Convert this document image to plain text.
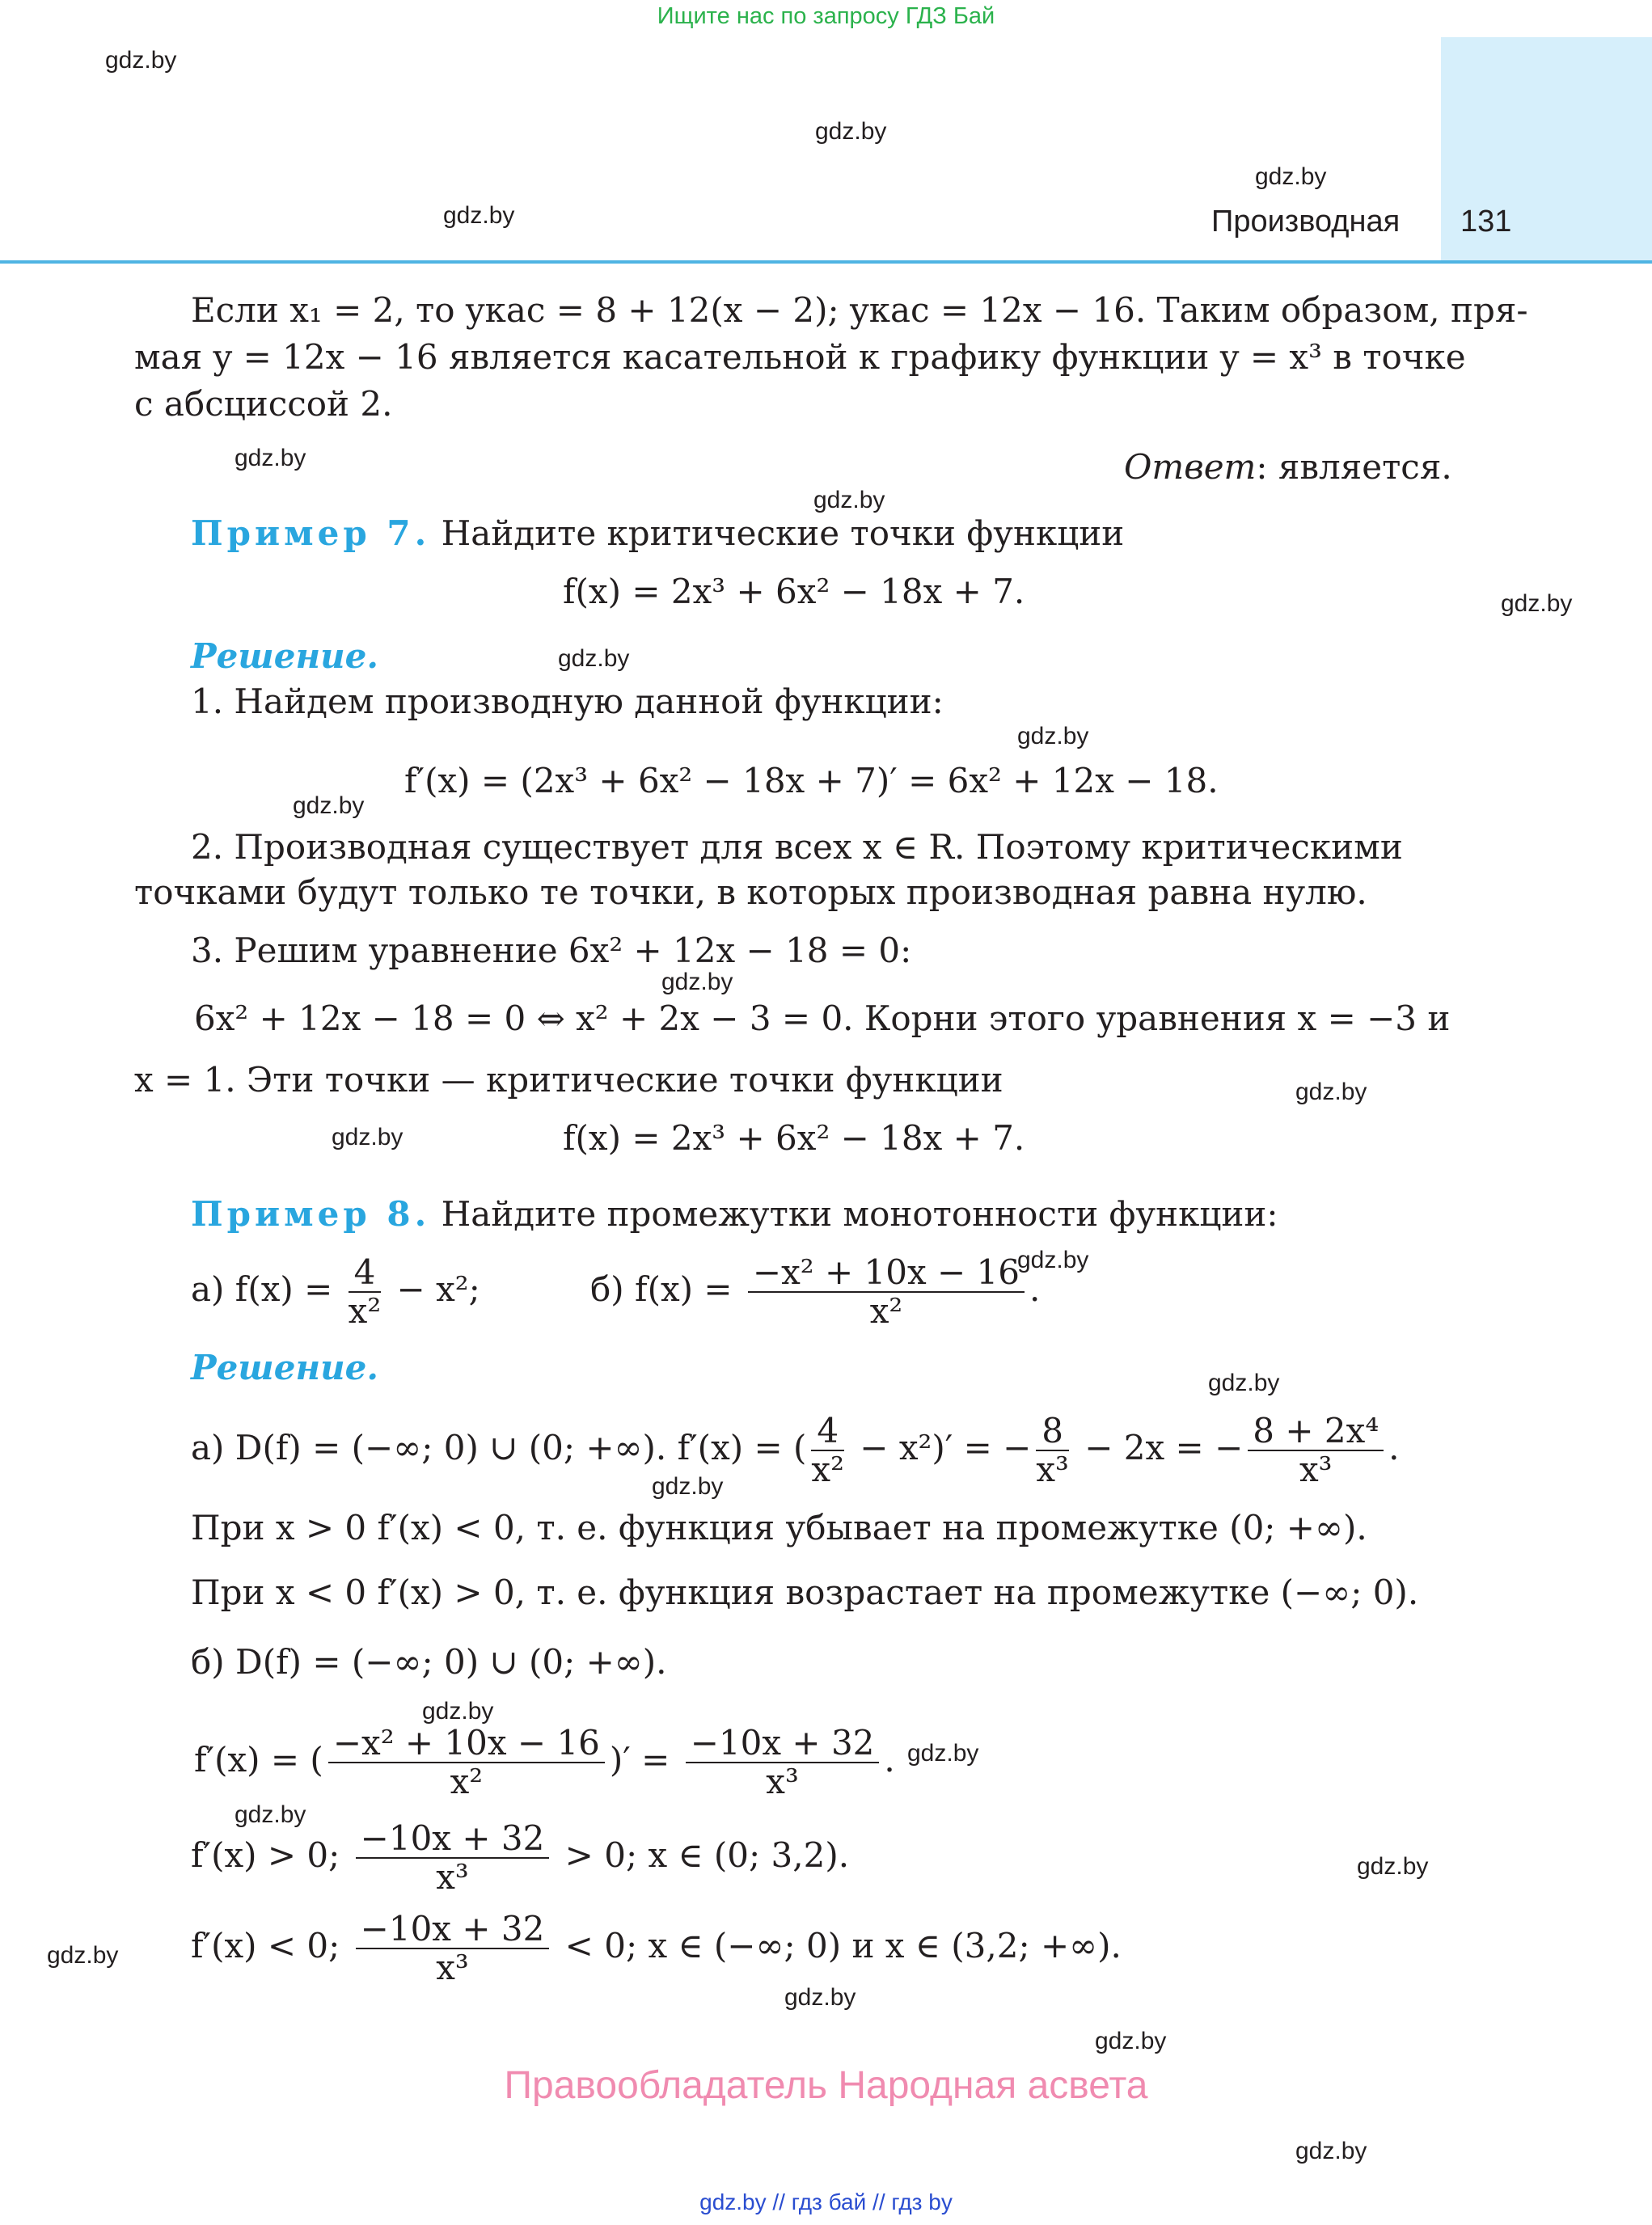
Ищите нас по запросу ГДЗ Бай
Производная 131
gdz.by
gdz.by
gdz.by
gdz.by
gdz.by
gdz.by
gdz.by
gdz.by
gdz.by
gdz.by
gdz.by
gdz.by
gdz.by
gdz.by
gdz.by
gdz.by
gdz.by
gdz.by
gdz.by
gdz.by
gdz.by
gdz.by
gdz.by
gdz.by
Если x₁ = 2, то yкас = 8 + 12(x − 2); yкас = 12x − 16. Таким образом, пря-
мая y = 12x − 16 является касательной к графику функции y = x³ в точке
с абсциссой 2.
Ответ: является.
Пример 7. Найдите критические точки функции
f(x) = 2x³ + 6x² − 18x + 7.
Решение.
1. Найдем производную данной функции:
f′(x) = (2x³ + 6x² − 18x + 7)′ = 6x² + 12x − 18.
2. Производная существует для всех x ∈ R. Поэтому критическими
точками будут только те точки, в которых производная равна нулю.
3. Решим уравнение 6x² + 12x − 18 = 0:
6x² + 12x − 18 = 0 ⇔ x² + 2x − 3 = 0. Корни этого уравнения x = −3 и
x = 1. Эти точки — критические точки функции
f(x) = 2x³ + 6x² − 18x + 7.
Пример 8. Найдите промежутки монотонности функции:
а) $f(x) = \frac{4}{\text{x²}} - x^2$;	б) $f(x) = \frac{\text{−x² + 10x − 16}}{\text{x²}}$ .
Решение.
а) D(f) = (−∞; 0) ∪ (0; +∞). f′(x) = ( $\frac{4}{\text{x²}} - x^2)'$ = − $\frac{8}{\text{x³}} - 2x$ = − $\frac{\text{8 + 2x⁴}}{\text{x³}}$ .
При x > 0 f′(x) < 0, т. е. функция убывает на промежутке (0; +∞).
При x < 0 f′(x) > 0, т. е. функция возрастает на промежутке (−∞; 0).
б) D(f) = (−∞; 0) ∪ (0; +∞).
f′(x) = ( $\frac{\text{−x² + 10x − 16}}{\text{x²}}$ )′ = $\frac{-10x + 32}{\text{x³}}$ .
f′(x) > 0; $\frac{-10x + 32}{\text{x³}} > 0$; x ∈ (0; 3,2).
f′(x) < 0; $\frac{-10x + 32}{\text{x³}} < 0$; x ∈ (−∞; 0) и x ∈ (3,2; +∞).
Правообладатель Народная асвета
gdz.by // гдз бай // гдз by
